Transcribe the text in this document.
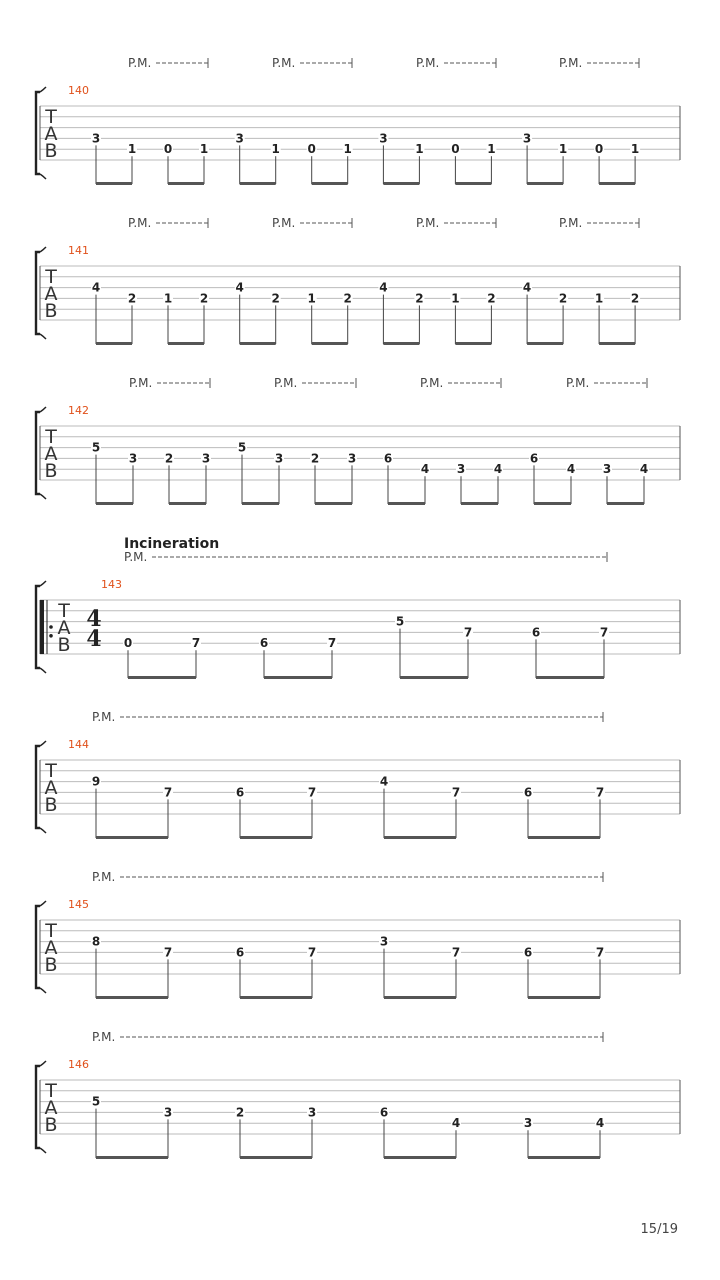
T
A
B
140
P.M.	P.M.	P.M.	P.M.
3
1 0 1
3
1 0 1
3
1 0 1
3
1 0 1
T
A
B
141
P.M.	P.M.	P.M.	P.M.
4
2 1 2
4
2 1 2
4
2 1 2
4
2 1 2
T
A
B
142
P.M.	P.M.	P.M.	P.M.
5
3 2 3
5
3 2 3 6
4 3 4
6
4 3 4
T
A
B
143
Incineration
4
4
P.M.
0	7	6	7
5
7	6	7
T
A
B
144
P.M.
9
7	6	7
4
7	6	7
T
A
B
145
P.M.
8
7	6	7
3
7	6	7
T
A
B
146
P.M.
5
3	2	3	6
4	3	4
15/19
